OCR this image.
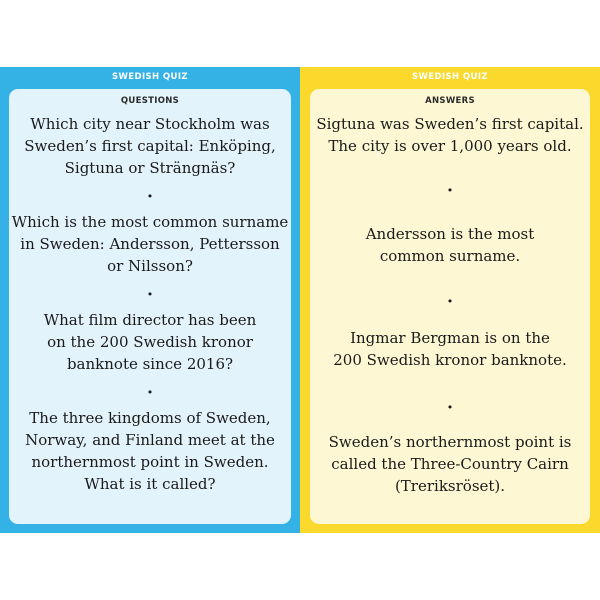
SWEDISH QUIZ
QUESTIONS
Which city near Stockholm was
Sweden’s first capital: Enköping,
Sigtuna or Strängnäs?
•
Which is the most common surname
in Sweden: Andersson, Pettersson
or Nilsson?
•
What film director has been
on the 200 Swedish kronor
banknote since 2016?
•
The three kingdoms of Sweden,
Norway, and Finland meet at the
northernmost point in Sweden.
What is it called?
SWEDISH QUIZ
ANSWERS
Sigtuna was Sweden’s first capital.
The city is over 1,000 years old.
•
Andersson is the most
common surname.
•
Ingmar Bergman is on the
200 Swedish kronor banknote.
•
Sweden’s northernmost point is
called the Three-Country Cairn
(Treriksröset).
